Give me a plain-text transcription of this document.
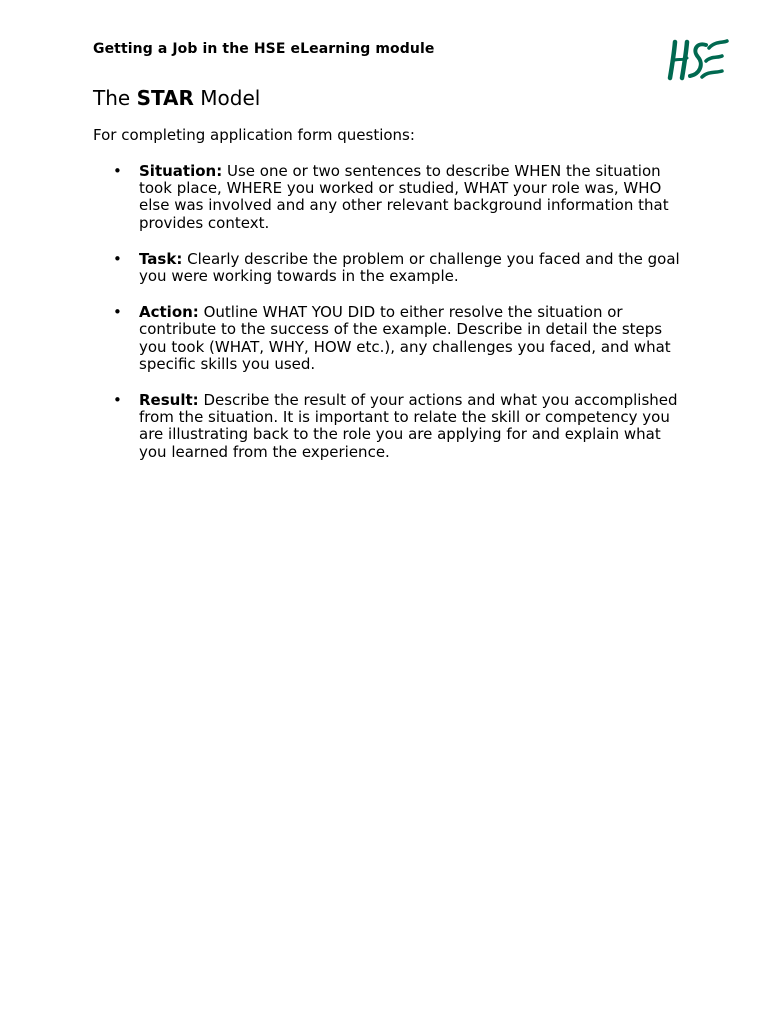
Getting a Job in the HSE eLearning module
The STAR Model

For completing application form questions:

• Situation: Use one or two sentences to describe WHEN the situation took place, WHERE you worked or studied, WHAT your role was, WHO else was involved and any other relevant background information that provides context.
• Task: Clearly describe the problem or challenge you faced and the goal you were working towards in the example.
• Action: Outline WHAT YOU DID to either resolve the situation or contribute to the success of the example. Describe in detail the steps you took (WHAT, WHY, HOW etc.), any challenges you faced, and what specific skills you used.
• Result: Describe the result of your actions and what you accomplished from the situation. It is important to relate the skill or competency you are illustrating back to the role you are applying for and explain what you learned from the experience.
